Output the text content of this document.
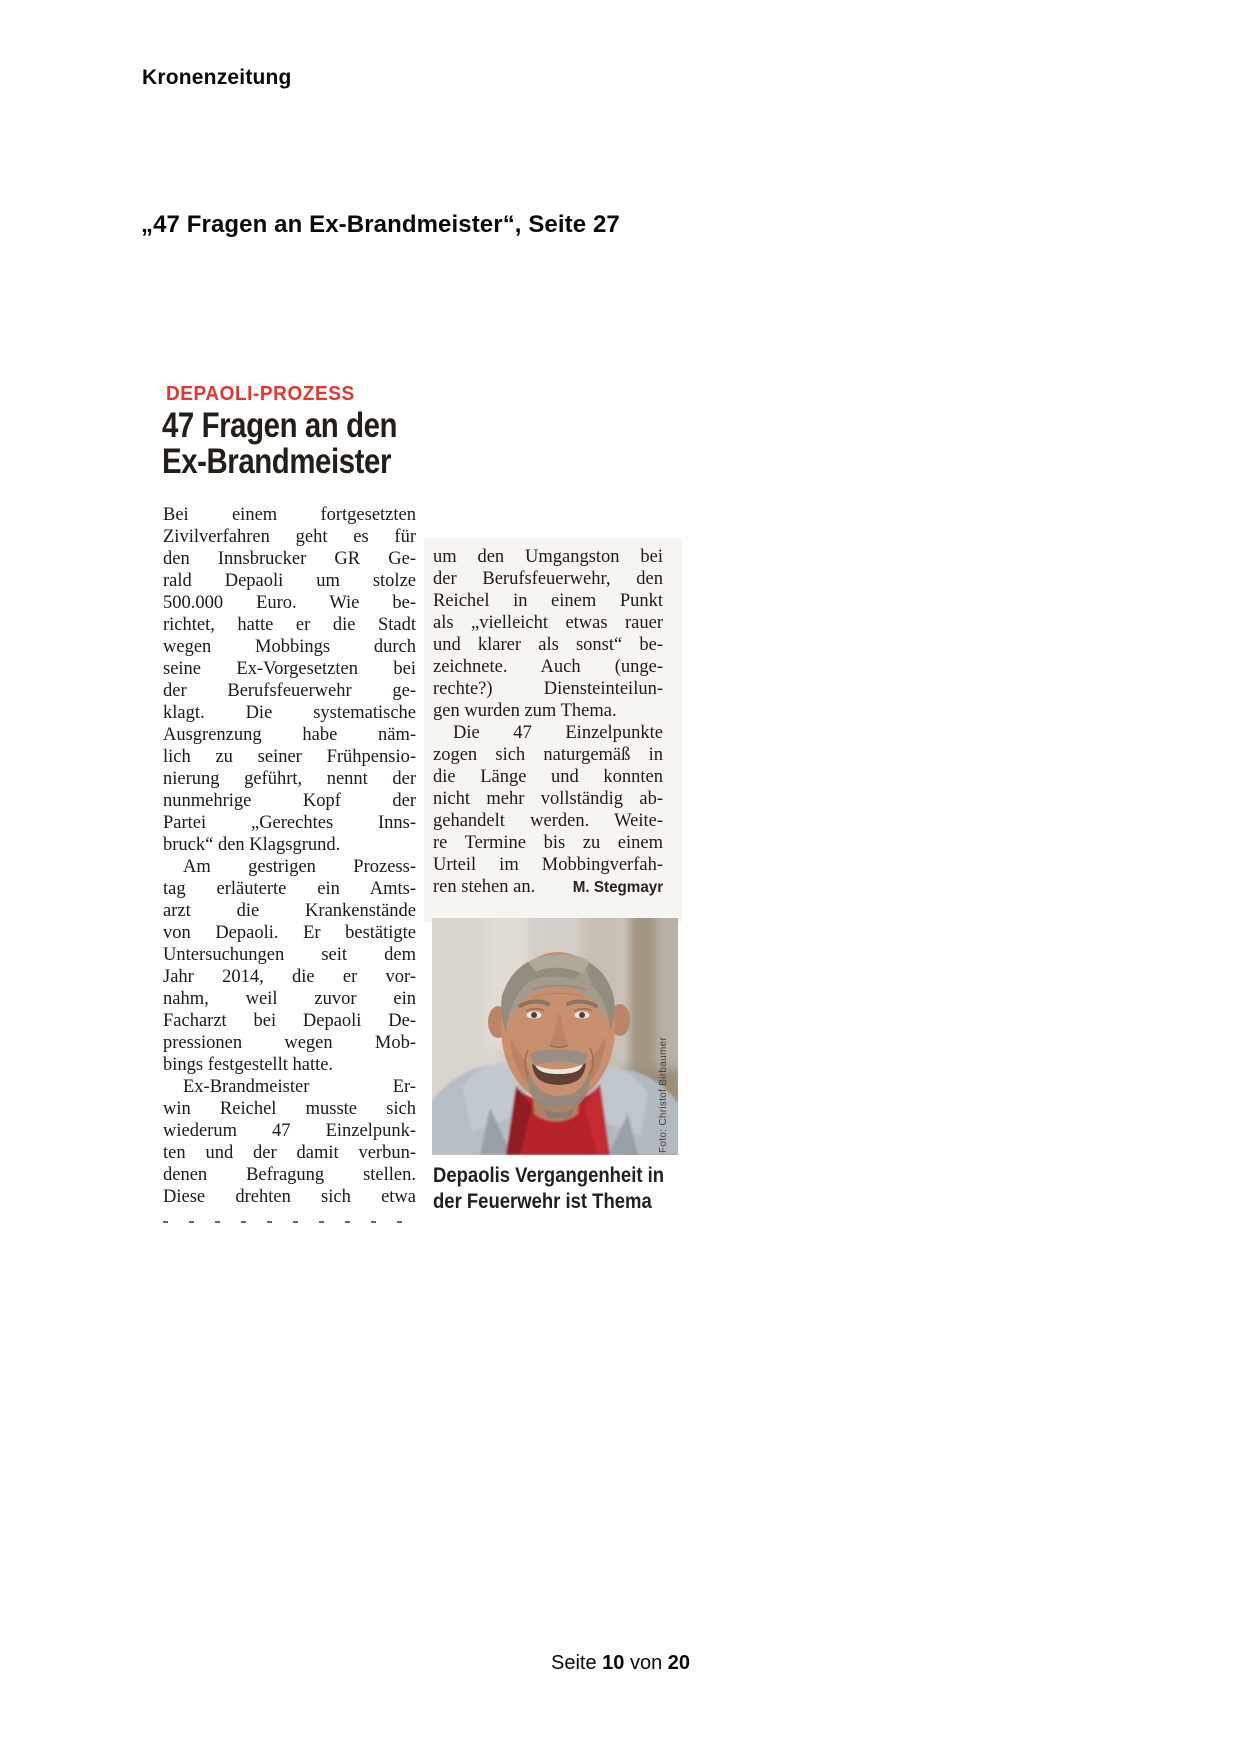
Kronenzeitung
„47 Fragen an Ex-Brandmeister“, Seite 27
DEPAOLI-PROZESS
47 Fragen an den
Ex-Brandmeister
Bei einem fortgesetzten
Zivilverfahren geht es für
den Innsbrucker GR Ge-
rald Depaoli um stolze
500.000 Euro. Wie be-
richtet, hatte er die Stadt
wegen Mobbings durch
seine Ex-Vorgesetzten bei
der Berufsfeuerwehr ge-
klagt. Die systematische
Ausgrenzung habe näm-
lich zu seiner Frühpensio-
nierung geführt, nennt der
nunmehrige Kopf der
Partei „Gerechtes Inns-
bruck“ den Klagsgrund.
Am gestrigen Prozess-
tag erläuterte ein Amts-
arzt die Krankenstände
von Depaoli. Er bestätigte
Untersuchungen seit dem
Jahr 2014, die er vor-
nahm, weil zuvor ein
Facharzt bei Depaoli De-
pressionen wegen Mob-
bings festgestellt hatte.
Ex-Brandmeister Er-
win Reichel musste sich
wiederum 47 Einzelpunk-
ten und der damit verbun-
denen Befragung stellen.
Diese drehten sich etwa
um den Umgangston bei
der Berufsfeuerwehr, den
Reichel in einem Punkt
als „vielleicht etwas rauer
und klarer als sonst“ be-
zeichnete. Auch (unge-
rechte?) Diensteinteilun-
gen wurden zum Thema.
Die 47 Einzelpunkte
zogen sich naturgemäß in
die Länge und konnten
nicht mehr vollständig ab-
gehandelt werden. Weite-
re Termine bis zu einem
Urteil im Mobbingverfah-
ren stehen an. M. Stegmayr
Foto: Christof Birbaumer
Depaolis Vergangenheit in
der Feuerwehr ist Thema
Seite 10 von 20
